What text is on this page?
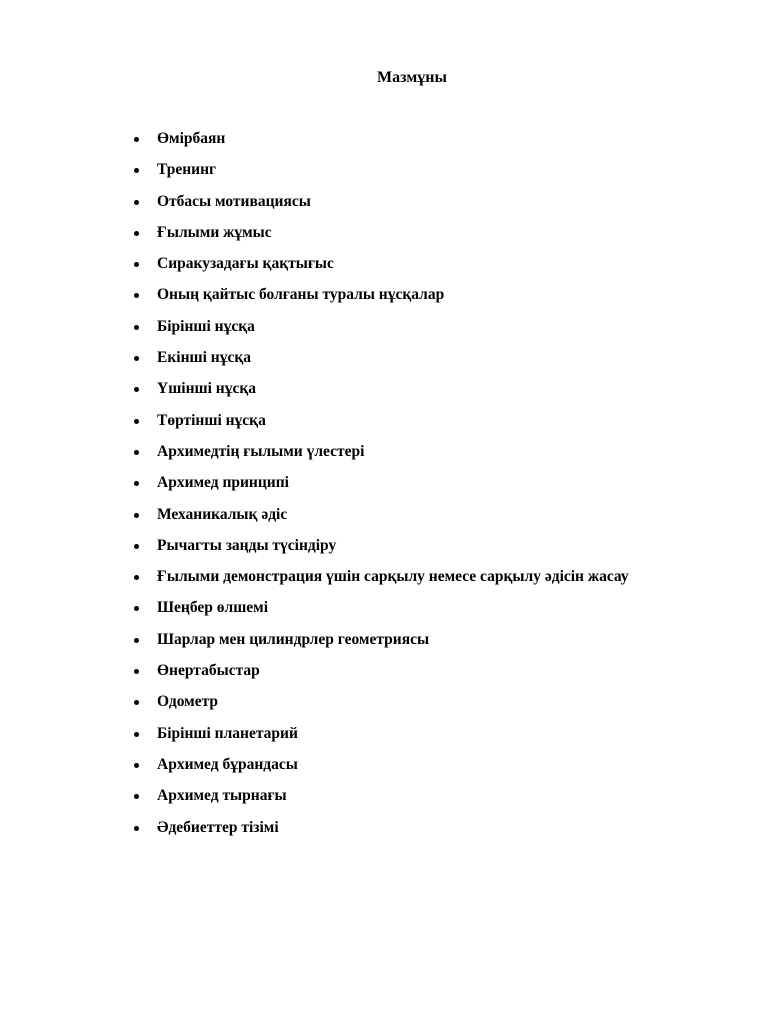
Мазмұны
Өмірбаян
Тренинг
Отбасы мотивациясы
Ғылыми жұмыс
Сиракузадағы қақтығыс
Оның қайтыс болғаны туралы нұсқалар
Бірінші нұсқа
Екінші нұсқа
Үшінші нұсқа
Төртінші нұсқа
Архимедтің ғылыми үлестері
Архимед принципі
Механикалық әдіс
Рычагты заңды түсіндіру
Ғылыми демонстрация үшін сарқылу немесе сарқылу әдісін жасау
Шеңбер өлшемі
Шарлар мен цилиндрлер геометриясы
Өнертабыстар
Одометр
Бірінші планетарий
Архимед бұрандасы
Архимед тырнағы
Әдебиеттер тізімі
